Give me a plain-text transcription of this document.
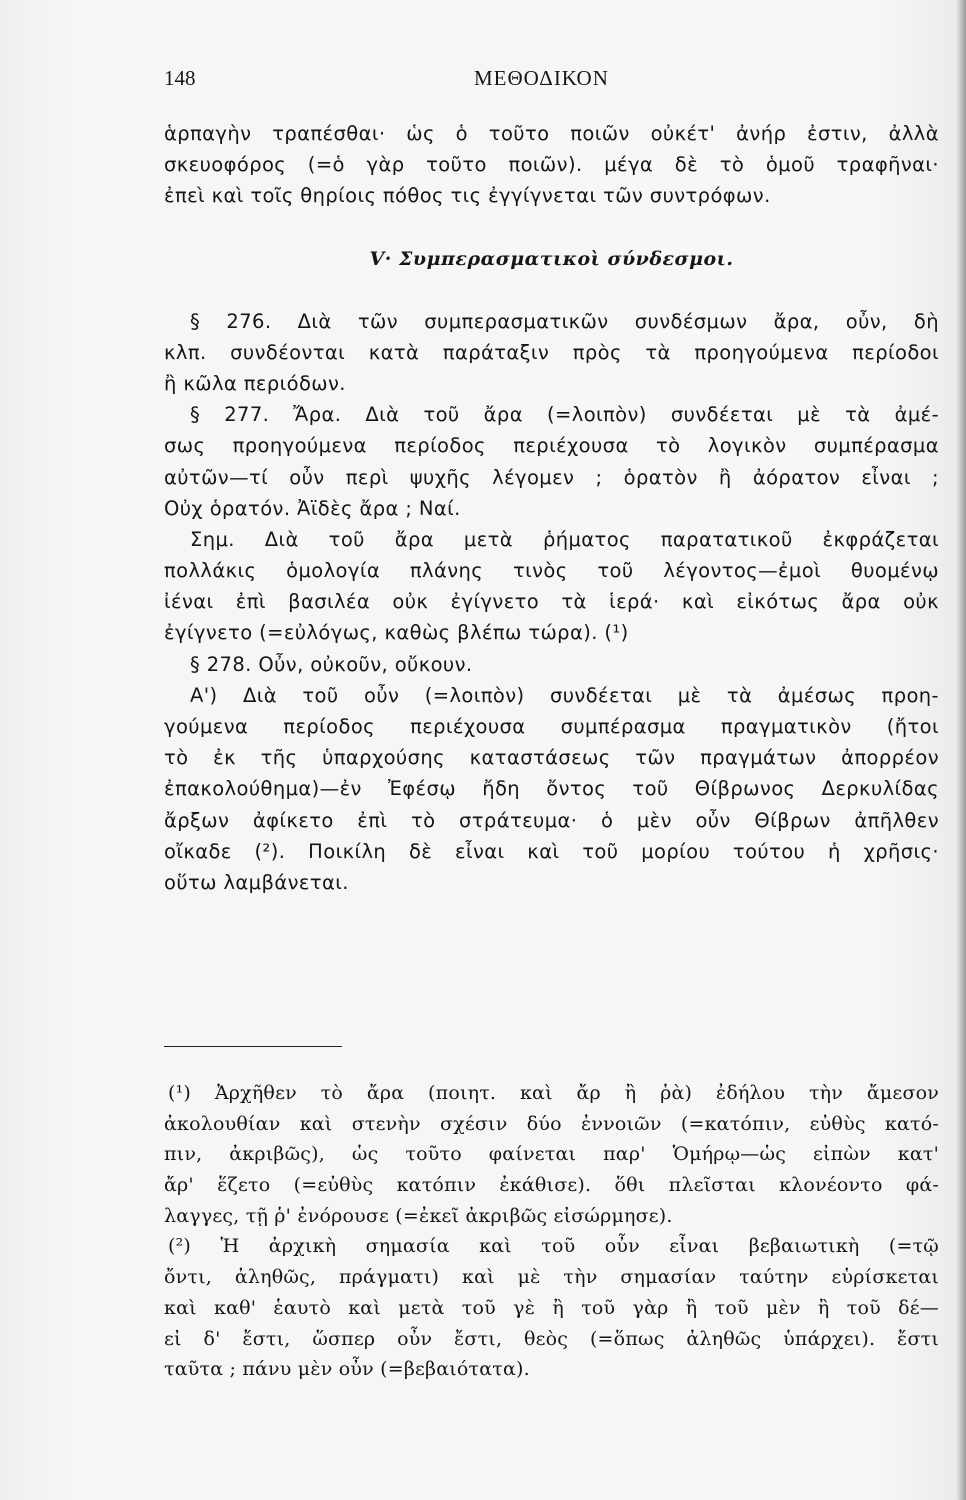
148	ΜΕΘΟΔΙΚΟΝ
ἁρπαγὴν τραπέσθαι· ὡς ὁ τοῦτο ποιῶν οὐκέτ' ἀνήρ ἐστιν, ἀλλὰ
σκευοφόρος (=ὁ γὰρ τοῦτο ποιῶν). μέγα δὲ τὸ ὁμοῦ τραφῆναι·
ἐπεὶ καὶ τοῖς θηρίοις πόθος τις ἐγγίγνεται τῶν συντρόφων.
V· Συμπερασματικοὶ σύνδεσμοι.
§ 276. Διὰ τῶν συμπερασματικῶν συνδέσμων ἄρα, οὖν, δὴ
κλπ. συνδέονται κατὰ παράταξιν πρὸς τὰ προηγούμενα περίοδοι
ἢ κῶλα περιόδων.
§ 277. Ἄρα. Διὰ τοῦ ἄρα (=λοιπὸν) συνδέεται μὲ τὰ ἀμέ-
σως προηγούμενα περίοδος περιέχουσα τὸ λογικὸν συμπέρασμα
αὐτῶν—τί οὖν περὶ ψυχῆς λέγομεν ; ὁρατὸν ἢ ἀόρατον εἶναι ;
Οὐχ ὁρατόν. Ἀϊδὲς ἄρα ; Ναί.
Σημ. Διὰ τοῦ ἄρα μετὰ ῥήματος παρατατικοῦ ἐκφράζεται
πολλάκις ὁμολογία πλάνης τινὸς τοῦ λέγοντος—ἐμοὶ θυομένῳ
ἰέναι ἐπὶ βασιλέα οὐκ ἐγίγνετο τὰ ἱερά· καὶ εἰκότως ἄρα οὐκ
ἐγίγνετο (=εὐλόγως, καθὼς βλέπω τώρα). (¹)
§ 278. Οὖν, οὐκοῦν, οὔκουν.
Α') Διὰ τοῦ οὖν (=λοιπὸν) συνδέεται μὲ τὰ ἀμέσως προη-
γούμενα περίοδος περιέχουσα συμπέρασμα πραγματικὸν (ἤτοι
τὸ ἐκ τῆς ὑπαρχούσης καταστάσεως τῶν πραγμάτων ἀπορρέον
ἐπακολούθημα)—ἐν Ἐφέσῳ ἤδη ὄντος τοῦ Θίβρωνος Δερκυλίδας
ἄρξων ἀφίκετο ἐπὶ τὸ στράτευμα· ὁ μὲν οὖν Θίβρων ἀπῆλθεν
οἴκαδε (²). Ποικίλη δὲ εἶναι καὶ τοῦ μορίου τούτου ἡ χρῆσις·
οὕτω λαμβάνεται.
(¹) Ἀρχῆθεν τὸ ἄρα (ποιητ. καὶ ἄρ ἢ ῥὰ) ἐδήλου τὴν ἄμεσον
ἀκολουθίαν καὶ στενὴν σχέσιν δύο ἐννοιῶν (=κατόπιν, εὐθὺς κατό-
πιν, ἀκριβῶς), ὡς τοῦτο φαίνεται παρ' Ὁμήρῳ—ὡς εἰπὼν κατ'
ἄρ' ἕζετο (=εὐθὺς κατόπιν ἐκάθισε). ὅθι πλεῖσται κλονέοντο φά-
λαγγες, τῇ ῥ' ἐνόρουσε (=ἐκεῖ ἀκριβῶς εἰσώρμησε).
(²) Ἡ ἀρχικὴ σημασία καὶ τοῦ οὖν εἶναι βεβαιωτικὴ (=τῷ
ὄντι, ἀληθῶς, πράγματι) καὶ μὲ τὴν σημασίαν ταύτην εὑρίσκεται
καὶ καθ' ἑαυτὸ καὶ μετὰ τοῦ γὲ ἢ τοῦ γὰρ ἢ τοῦ μὲν ἢ τοῦ δέ—
εἰ δ' ἔστι, ὥσπερ οὖν ἔστι, θεὸς (=ὅπως ἀληθῶς ὑπάρχει). ἔστι
ταῦτα ; πάνυ μὲν οὖν (=βεβαιότατα).
